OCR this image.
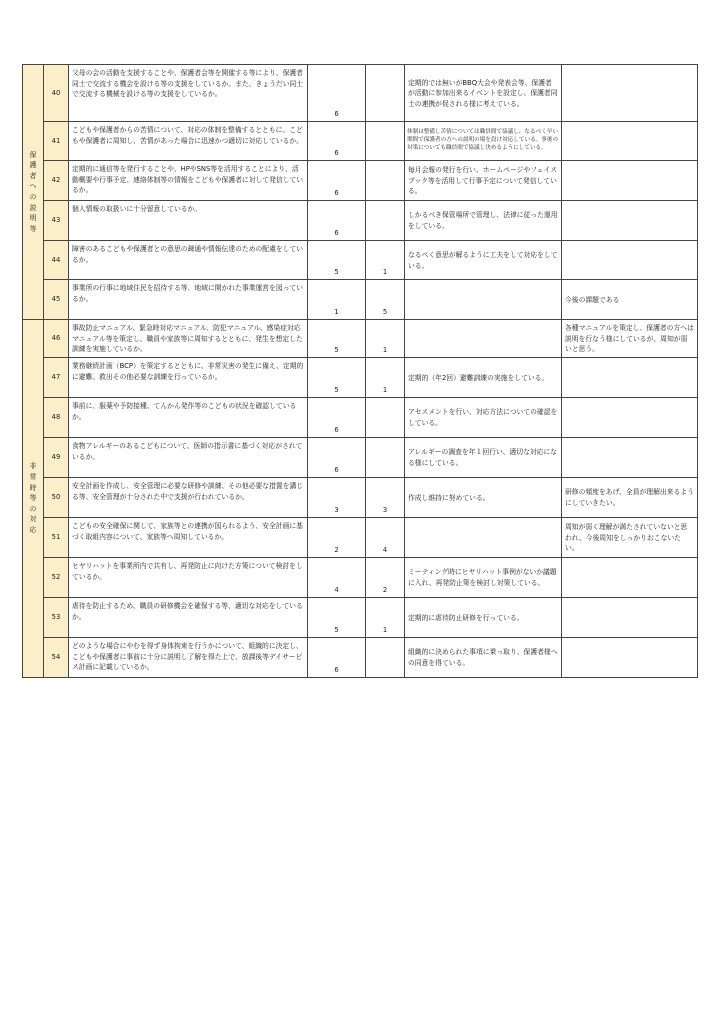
保護者への説明等	40	父母の会の活動を支援することや、保護者会等を開催する等により、保護者同士で交流する機会を設ける等の支援をしているか。また、きょうだい同士で交流する機械を設ける等の支援をしているか。	6		定期的では無いがBBQ大会や発表会等、保護者が活動に参加出来るイベントを設定し、保護者同士の連携が促される様に考えている。	
	41	こどもや保護者からの苦情について、対応の体制を整備するとともに、こどもや保護者に周知し、苦情があった場合に迅速かつ適切に対応しているか。	6		体制は整備し苦情については職員間で協議し、なるべく早い期間で保護者の方への説明の場を設け対応している。事後の対策についても職員間で協議し決めるようにしている。	
	42	定期的に通信等を発行することや、HPやSNS等を活用することにより、活動概要や行事予定、連絡体制等の情報をこどもや保護者に対して発信しているか。	6		毎月会報の発行を行い、ホームページやフェイスブック等を活用して行事予定について発信している。	
	43	個人情報の取扱いに十分留意しているか。	6		しかるべき保管場所で管理し、法律に従った運用をしている。	
	44	障害のあるこどもや保護者との意思の疎通や情報伝達のための配慮をしているか。	5	1	なるべく意思が解るように工夫をして対応をしている。	
	45	事業所の行事に地域住民を招待する等、地域に開かれた事業運営を図っているか。	1	5		今後の課題である

非常時等の対応	46	事故防止マニュアル、緊急時対応マニュアル、防犯マニュアル、感染症対応マニュアル等を策定し、職員や家族等に周知するとともに、発生を想定した訓練を実施しているか。	5	1		各種マニュアルを策定し、保護者の方へは説明を行なう様にしているが、周知が弱いと思う。
	47	業務継続計画（BCP）を策定するとともに、非常災害の発生に備え、定期的に避難、救出その他必要な訓練を行っているか。	5	1	定期的（年2回）避難訓練の実施をしている。	
	48	事前に、服薬や予防接種、てんかん発作等のこどもの状況を確認しているか。	6		アセスメントを行い、対応方法についての確認をしている。	
	49	食物アレルギーのあるこどもについて、医師の指示書に基づく対応がされているか。	6		アレルギーの調査を年１回行い、適切な対応になる様にしている。	
	50	安全計画を作成し、安全管理に必要な研修や訓練、その他必要な措置を講じる等、安全管理が十分された中で支援が行われているか。	3	3	作成し維持に努めている。	研修の頻度をあげ、全員が理解出来るようにしていきたい。
	51	こどもの安全確保に関して、家族等との連携が図られるよう、安全計画に基づく取組内容について、家族等へ周知しているか。	2	4		周知が弱く理解が満たされていないと思われ、今後周知をしっかりおこないたい。
	52	ヒヤリハットを事業所内で共有し、再発防止に向けた方策について検討をしているか。	4	2	ミーティング時にヒヤリハット事例がないか議題に入れ、再発防止策を検討し対策している。	
	53	虐待を防止するため、職員の研修機会を確保する等、適切な対応をしているか。	5	1	定期的に虐待防止研修を行っている。	
	54	どのような場合にやむを得ず身体拘束を行うかについて、組織的に決定し、こどもや保護者に事前に十分に説明し了解を得た上で、放課後等デイサービス計画に記載しているか。	6		組織的に決められた事項に乗っ取り、保護者様への同意を得ている。	
